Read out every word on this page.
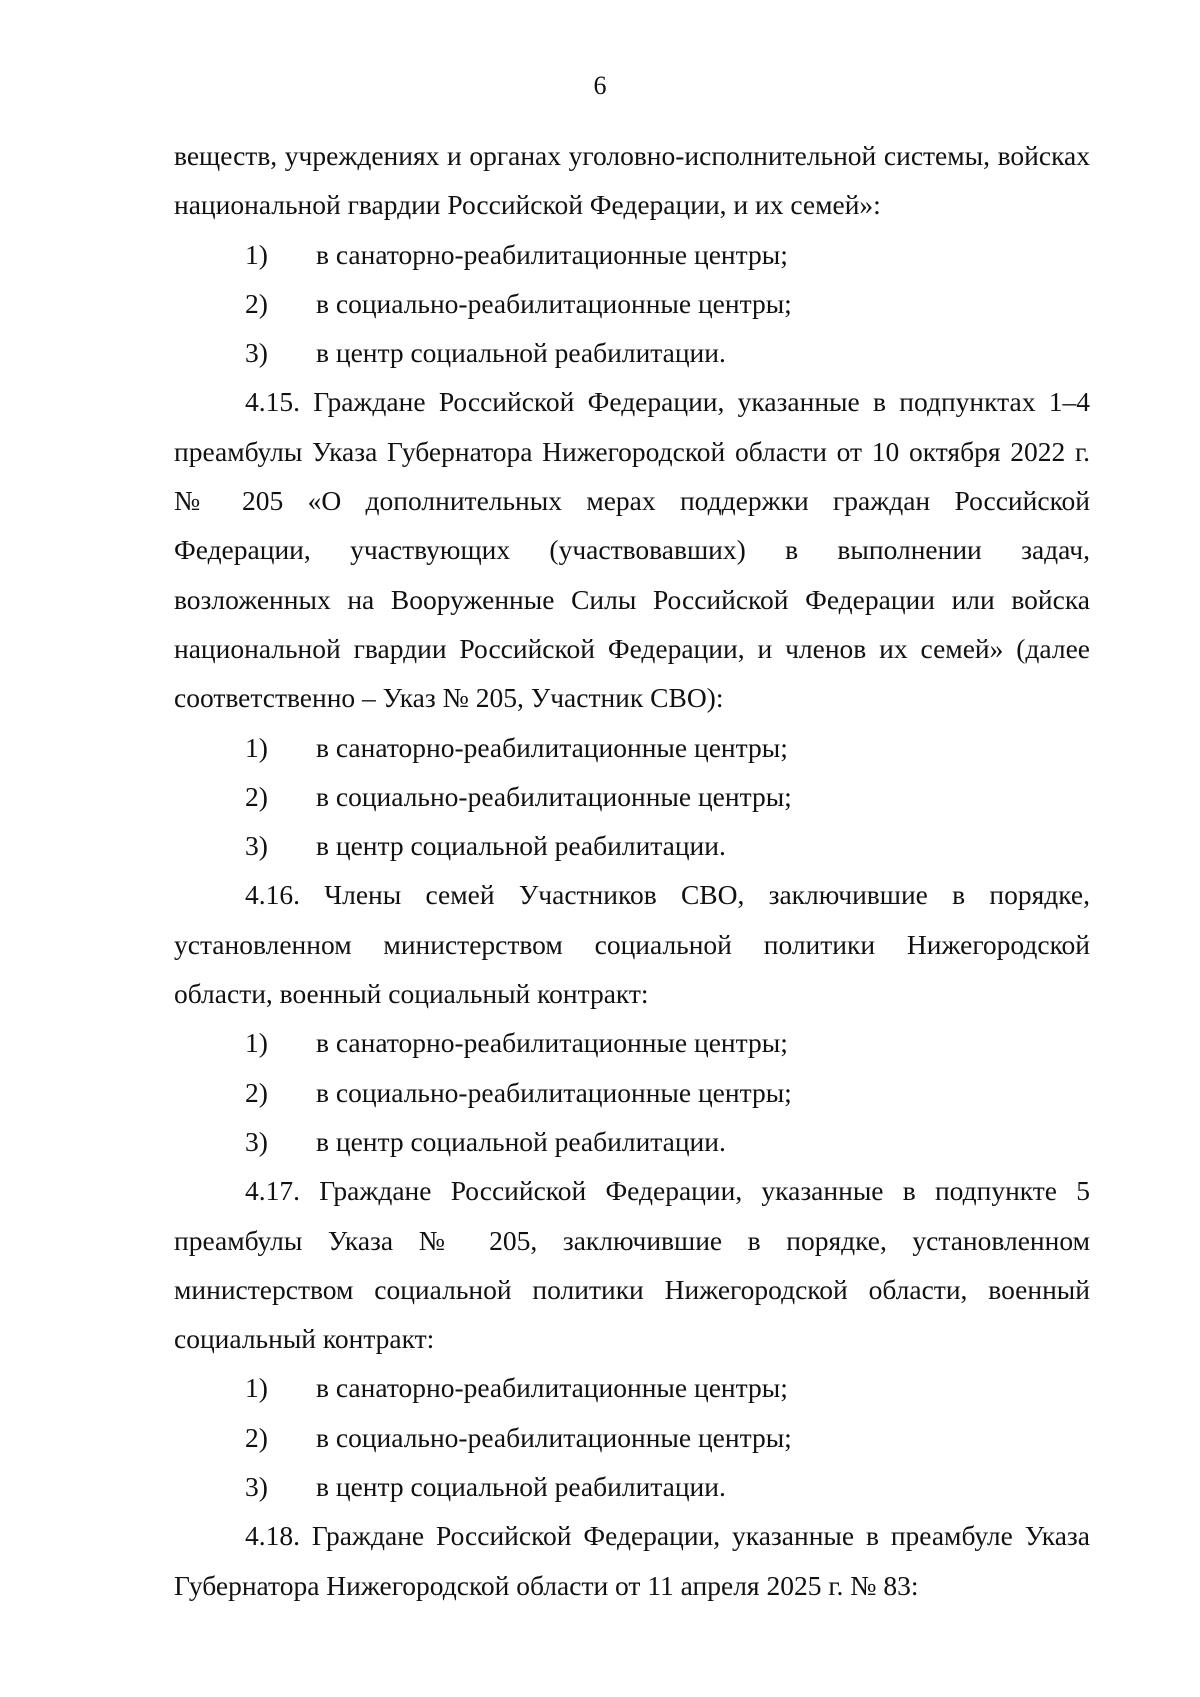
6

веществ, учреждениях и органах уголовно-исполнительной системы, войсках национальной гвардии Российской Федерации, и их семей»:

1)	в санаторно-реабилитационные центры;
2)	в социально-реабилитационные центры;
3)	в центр социальной реабилитации.

4.15. Граждане Российской Федерации, указанные в подпунктах 1–4 преамбулы Указа Губернатора Нижегородской области от 10 октября 2022 г. № 205 «О дополнительных мерах поддержки граждан Российской Федерации, участвующих (участвовавших) в выполнении задач, возложенных на Вооруженные Силы Российской Федерации или войска национальной гвардии Российской Федерации, и членов их семей» (далее соответственно – Указ № 205, Участник СВО):

1)	в санаторно-реабилитационные центры;
2)	в социально-реабилитационные центры;
3)	в центр социальной реабилитации.

4.16. Члены семей Участников СВО, заключившие в порядке, установленном министерством социальной политики Нижегородской области, военный социальный контракт:

1)	в санаторно-реабилитационные центры;
2)	в социально-реабилитационные центры;
3)	в центр социальной реабилитации.

4.17. Граждане Российской Федерации, указанные в подпункте 5 преамбулы Указа № 205, заключившие в порядке, установленном министерством социальной политики Нижегородской области, военный социальный контракт:

1)	в санаторно-реабилитационные центры;
2)	в социально-реабилитационные центры;
3)	в центр социальной реабилитации.

4.18. Граждане Российской Федерации, указанные в преамбуле Указа Губернатора Нижегородской области от 11 апреля 2025 г. № 83:
